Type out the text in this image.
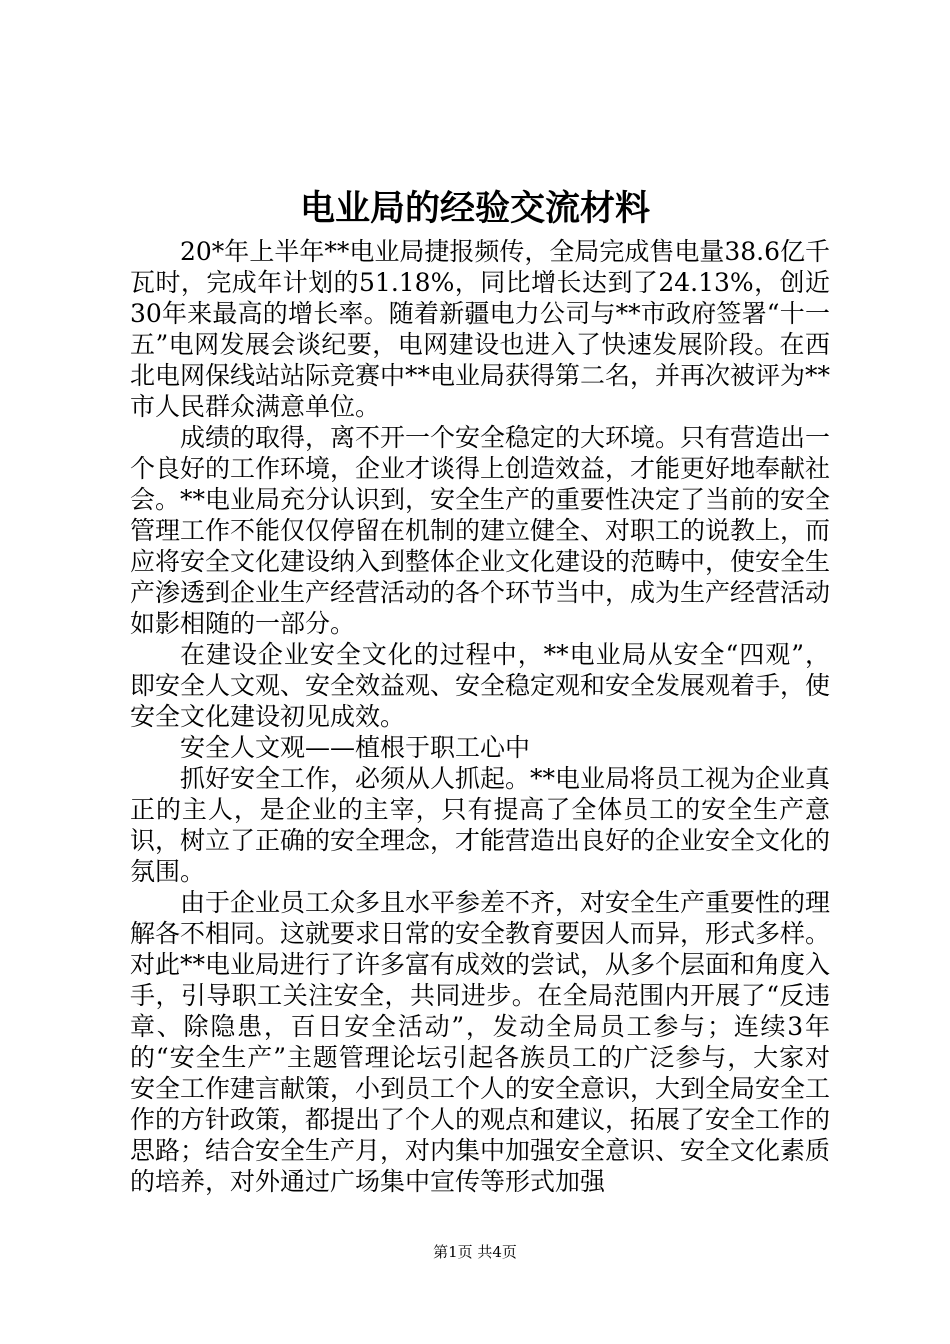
电业局的经验交流材料

20*年上半年**电业局捷报频传，全局完成售电量38.6亿千瓦时，完成年计划的51.18%，同比增长达到了24.13%，创近30年来最高的增长率。随着新疆电力公司与**市政府签署“十一五”电网发展会谈纪要，电网建设也进入了快速发展阶段。在西北电网保线站站际竞赛中**电业局获得第二名，并再次被评为**市人民群众满意单位。

成绩的取得，离不开一个安全稳定的大环境。只有营造出一个良好的工作环境，企业才谈得上创造效益，才能更好地奉献社会。**电业局充分认识到，安全生产的重要性决定了当前的安全管理工作不能仅仅停留在机制的建立健全、对职工的说教上，而应将安全文化建设纳入到整体企业文化建设的范畴中，使安全生产渗透到企业生产经营活动的各个环节当中，成为生产经营活动如影相随的一部分。

在建设企业安全文化的过程中，**电业局从安全“四观”，即安全人文观、安全效益观、安全稳定观和安全发展观着手，使安全文化建设初见成效。

安全人文观——植根于职工心中

抓好安全工作，必须从人抓起。**电业局将员工视为企业真正的主人，是企业的主宰，只有提高了全体员工的安全生产意识，树立了正确的安全理念，才能营造出良好的企业安全文化的氛围。

由于企业员工众多且水平参差不齐，对安全生产重要性的理解各不相同。这就要求日常的安全教育要因人而异，形式多样。对此**电业局进行了许多富有成效的尝试，从多个层面和角度入手，引导职工关注安全，共同进步。在全局范围内开展了“反违章、除隐患，百日安全活动”，发动全局员工参与；连续3年的“安全生产”主题管理论坛引起各族员工的广泛参与，大家对安全工作建言献策，小到员工个人的安全意识，大到全局安全工作的方针政策，都提出了个人的观点和建议，拓展了安全工作的思路；结合安全生产月，对内集中加强安全意识、安全文化素质的培养，对外通过广场集中宣传等形式加强

第1页 共4页
